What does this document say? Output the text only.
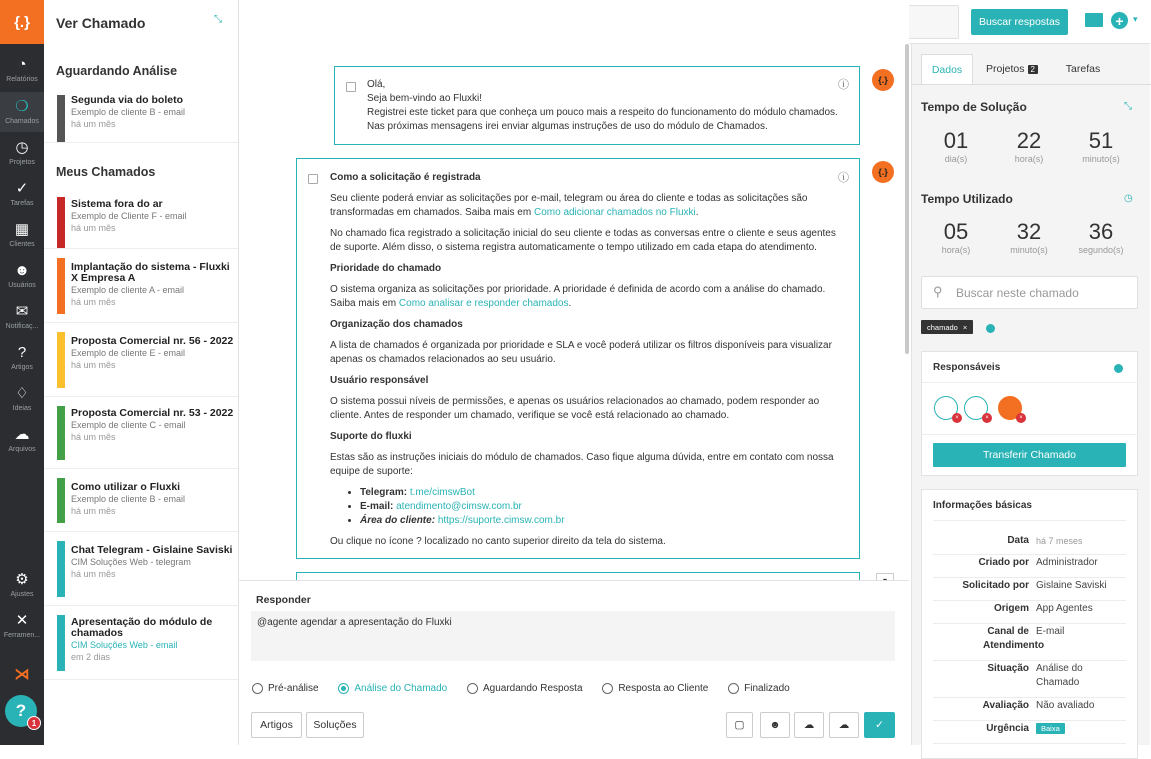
{.}
◔
Relatórios
❍
Chamados
◷
Projetos
✓
Tarefas
▦
Clientes
☻
Usuários
✉
Notificaç...
?
Artigos
♢
Ideias
☁
Arquivos
⚙
Ajustes
✕
Ferramen...
⋊
?
1
Ver Chamado	⤡
Aguardando Análise
Segunda via do boleto
Exemplo de cliente B - email
há um mês
Meus Chamados
Sistema fora do ar
Exemplo de Cliente F - email
há um mês
Implantação do sistema - Fluxki X Empresa A
Exemplo de cliente A - email
há um mês
Proposta Comercial nr. 56 - 2022
Exemplo de cliente E - email
há um mês
Proposta Comercial nr. 53 - 2022
Exemplo de cliente C - email
há um mês
Como utilizar o Fluxki
Exemplo de cliente B - email
há um mês
Chat Telegram - Gislaine Saviski
CIM Soluções Web - telegram
há um mês
Apresentação do módulo de chamados
CIM Soluções Web - email
em 2 dias
Buscar respostas	+	▾
ⓘ
Olá,
Seja bem-vindo ao Fluxki!
Registrei este ticket para que conheça um pouco mais a respeito do funcionamento do módulo chamados.
Nas próximas mensagens irei enviar algumas instruções de uso do módulo de Chamados.
{.}
ⓘ

Como a solicitação é registrada

Seu cliente poderá enviar as solicitações por e-mail, telegram ou área do cliente e todas as solicitações são transformadas em chamados. Saiba mais em Como adicionar chamados no Fluxki.

No chamado fica registrado a solicitação inicial do seu cliente e todas as conversas entre o cliente e seus agentes de suporte. Além disso, o sistema registra automaticamente o tempo utilizado em cada etapa do atendimento.

Prioridade do chamado

O sistema organiza as solicitações por prioridade. A prioridade é definida de acordo com a análise do chamado. Saiba mais em Como analisar e responder chamados.

Organização dos chamados

A lista de chamados é organizada por prioridade e SLA e você poderá utilizar os filtros disponíveis para visualizar apenas os chamados relacionados ao seu usuário.

Usuário responsável

O sistema possui níveis de permissões, e apenas os usuários relacionados ao chamado, podem responder ao cliente. Antes de responder um chamado, verifique se você está relacionado ao chamado.

Suporte do fluxki

Estas são as instruções iniciais do módulo de chamados. Caso fique alguma dúvida, entre em contato com nossa equipe de suporte:

• Telegram: t.me/cimswBot
• E-mail: atendimento@cimsw.com.br
• Área do cliente: https://suporte.cimsw.com.br

Ou clique no ícone ? localizado no canto superior direito da tela do sistema.

{.}
Responder
@agente agendar a apresentação do Fluxki
Pré-análise
	Análise do Chamado
	Aguardando Resposta
	Resposta ao Cliente
	Finalizado
Artigos	Soluções	▢	☻	☁	☁	✓
Dados	Projetos 2	Tarefas
Tempo de Solução	⤡
01
dia(s)
22
hora(s)
51
minuto(s)
Tempo Utilizado	◷
05
hora(s)
32
minuto(s)
36
segundo(s)
⚲ Buscar neste chamado
chamado ×
Responsáveis
×	×	×
Transferir Chamado
Informações básicas
Data há 7 meses
Criado por Administrador
Solicitado por Gislaine Saviski
Origem App Agentes
Canal de Atendimento
E-mail
Situação Análise do Chamado
Avaliação Não avaliado
Urgência	Baixa
